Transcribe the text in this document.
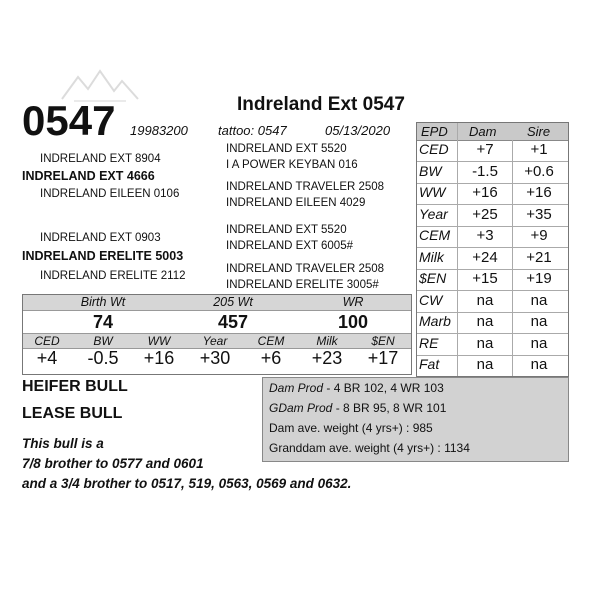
0547	Indreland Ext 0547
19983200 tattoo: 0547	05/13/2020
INDRELAND EXT 8904
INDRELAND EXT 4666
INDRELAND EILEEN 0106
INDRELAND EXT 5520
I A POWER KEYBAN 016
INDRELAND TRAVELER 2508
INDRELAND EILEEN 4029
INDRELAND EXT 0903
INDRELAND ERELITE 5003
INDRELAND ERELITE 2112
INDRELAND EXT 5520
INDRELAND EXT 6005#
INDRELAND TRAVELER 2508
INDRELAND ERELITE 3005#
EPD Dam Sire
CED	+7	+1
BW	-1.5	+0.6
WW	+16	+16
Year	+25	+35
CEM	+3	+9
Milk	+24	+21
$EN	+15	+19
CW	na	na
Marb	na	na
RE	na	na
Fat	na	na
Birth Wt	205 Wt	WR
74	457	100
CED	BW	WW	Year	CEM	Milk	$EN
+4	-0.5	+16	+30	+6	+23	+17
HEIFER BULL
LEASE BULL
This bull is a
7/8 brother to 0577 and 0601
and a 3/4 brother to 0517, 519, 0563, 0569 and 0632.
Dam Prod - 4 BR 102, 4 WR 103
GDam Prod - 8 BR 95, 8 WR 101
Dam ave. weight (4 yrs+) : 985
Granddam ave. weight (4 yrs+) : 1134
